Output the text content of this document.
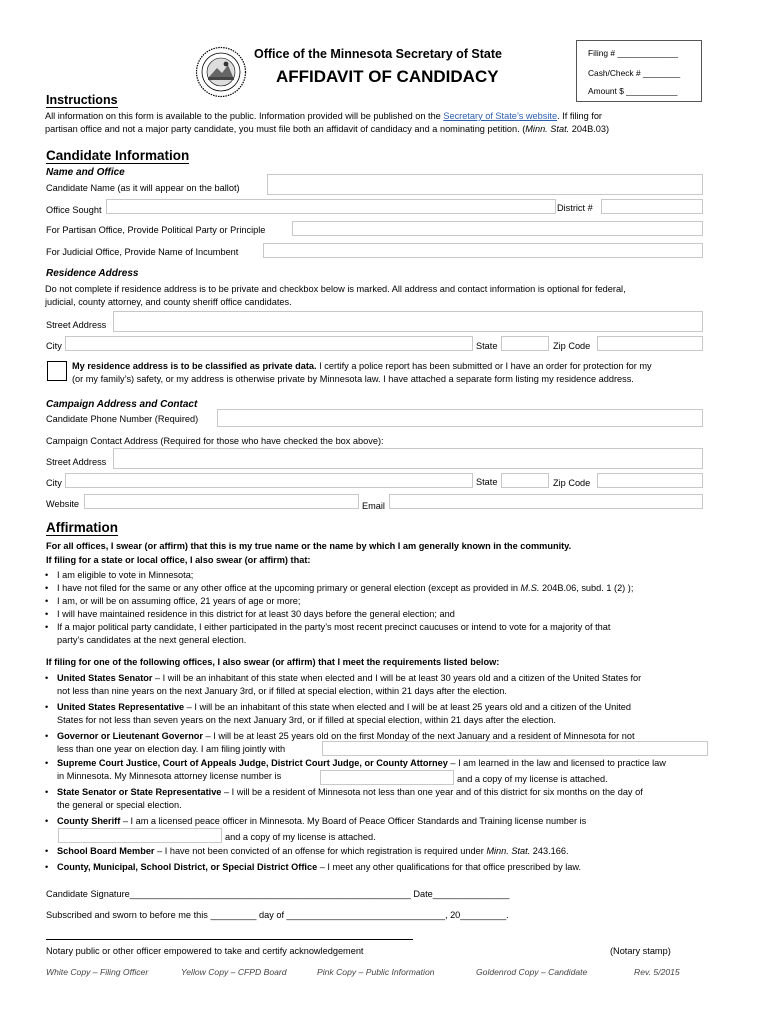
Office of the Minnesota Secretary of State
AFFIDAVIT OF CANDIDACY
Filing # _____________
Cash/Check # ________
Amount $ ___________
Instructions
All information on this form is available to the public. Information provided will be published on the Secretary of State’s website. If filing for
partisan office and not a major party candidate, you must file both an affidavit of candidacy and a nominating petition. (Minn. Stat. 204B.03)
Candidate Information
Name and Office
Candidate Name (as it will appear on the ballot)
Office Sought	District #
For Partisan Office, Provide Political Party or Principle
For Judicial Office, Provide Name of Incumbent
Residence Address
Do not complete if residence address is to be private and checkbox below is marked. All address and contact information is optional for federal,
judicial, county attorney, and county sheriff office candidates.
Street Address
City	State	Zip Code
My residence address is to be classified as private data. I certify a police report has been submitted or I have an order for protection for my
(or my family’s) safety, or my address is otherwise private by Minnesota law. I have attached a separate form listing my residence address.
Campaign Address and Contact
Candidate Phone Number (Required)
Campaign Contact Address (Required for those who have checked the box above):
Street Address
City	State	Zip Code
Website	Email
Affirmation
For all offices, I swear (or affirm) that this is my true name or the name by which I am generally known in the community.
If filing for a state or local office, I also swear (or affirm) that:
• I am eligible to vote in Minnesota;
• I have not filed for the same or any other office at the upcoming primary or general election (except as provided in M.S. 204B.06, subd. 1 (2) );
• I am, or will be on assuming office, 21 years of age or more;
• I will have maintained residence in this district for at least 30 days before the general election; and
• If a major political party candidate, I either participated in the party’s most recent precinct caucuses or intend to vote for a majority of that
party’s candidates at the next general election.
If filing for one of the following offices, I also swear (or affirm) that I meet the requirements listed below:
• United States Senator – I will be an inhabitant of this state when elected and I will be at least 30 years old and a citizen of the United States for
not less than nine years on the next January 3rd, or if filled at special election, within 21 days after the election.
• United States Representative – I will be an inhabitant of this state when elected and I will be at least 25 years old and a citizen of the United
States for not less than seven years on the next January 3rd, or if filled at special election, within 21 days after the election.
• Governor or Lieutenant Governor – I will be at least 25 years old on the first Monday of the next January and a resident of Minnesota for not
less than one year on election day. I am filing jointly with
• Supreme Court Justice, Court of Appeals Judge, District Court Judge, or County Attorney – I am learned in the law and licensed to practice law
in Minnesota. My Minnesota attorney license number is	and a copy of my license is attached.
• State Senator or State Representative – I will be a resident of Minnesota not less than one year and of this district for six months on the day of
the general or special election.
• County Sheriff – I am a licensed peace officer in Minnesota. My Board of Peace Officer Standards and Training license number is
and a copy of my license is attached.
• School Board Member – I have not been convicted of an offense for which registration is required under Minn. Stat. 243.166.
• County, Municipal, School District, or Special District Office – I meet any other qualifications for that office prescribed by law.
Candidate Signature_______________________________________________________ Date_______________
Subscribed and sworn to before me this _________ day of _______________________________, 20_________.
Notary public or other officer empowered to take and certify acknowledgement	(Notary stamp)
White Copy – Filing Officer	Yellow Copy – CFPD Board	Pink Copy – Public Information	Goldenrod Copy – Candidate	Rev. 5/2015
